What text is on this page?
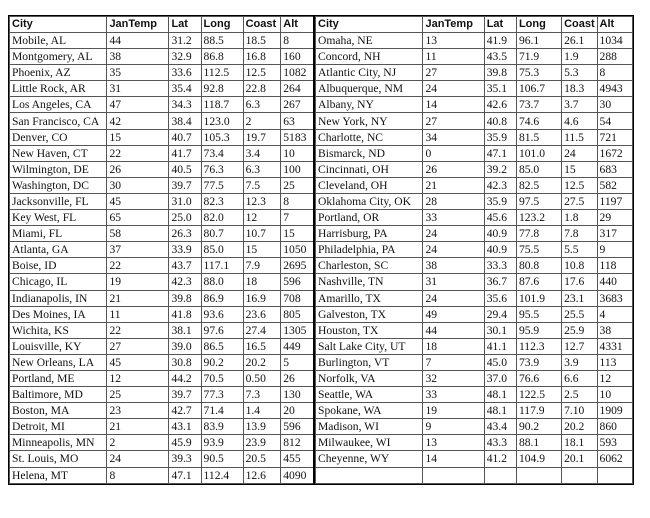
City	JanTemp	Lat	Long	Coast	Alt
Mobile, AL	44	31.2	88.5	18.5	8
Montgomery, AL	38	32.9	86.8	16.8	160
Phoenix, AZ	35	33.6	112.5	12.5	1082
Little Rock, AR	31	35.4	92.8	22.8	264
Los Angeles, CA	47	34.3	118.7	6.3	267
San Francisco, CA	42	38.4	123.0	2	63
Denver, CO	15	40.7	105.3	19.7	5183
New Haven, CT	22	41.7	73.4	3.4	10
Wilmington, DE	26	40.5	76.3	6.3	100
Washington, DC	30	39.7	77.5	7.5	25
Jacksonville, FL	45	31.0	82.3	12.3	8
Key West, FL	65	25.0	82.0	12	7
Miami, FL	58	26.3	80.7	10.7	15
Atlanta, GA	37	33.9	85.0	15	1050
Boise, ID	22	43.7	117.1	7.9	2695
Chicago, IL	19	42.3	88.0	18	596
Indianapolis, IN	21	39.8	86.9	16.9	708
Des Moines, IA	11	41.8	93.6	23.6	805
Wichita, KS	22	38.1	97.6	27.4	1305
Louisville, KY	27	39.0	86.5	16.5	449
New Orleans, LA	45	30.8	90.2	20.2	5
Portland, ME	12	44.2	70.5	0.50	26
Baltimore, MD	25	39.7	77.3	7.3	130
Boston, MA	23	42.7	71.4	1.4	20
Detroit, MI	21	43.1	83.9	13.9	596
Minneapolis, MN	2	45.9	93.9	23.9	812
St. Louis, MO	24	39.3	90.5	20.5	455
Helena, MT	8	47.1	112.4	12.6	4090
City	JanTemp	Lat	Long	Coast	Alt
Omaha, NE	13	41.9	96.1	26.1	1034
Concord, NH	11	43.5	71.9	1.9	288
Atlantic City, NJ	27	39.8	75.3	5.3	8
Albuquerque, NM	24	35.1	106.7	18.3	4943
Albany, NY	14	42.6	73.7	3.7	30
New York, NY	27	40.8	74.6	4.6	54
Charlotte, NC	34	35.9	81.5	11.5	721
Bismarck, ND	0	47.1	101.0	24	1672
Cincinnati, OH	26	39.2	85.0	15	683
Cleveland, OH	21	42.3	82.5	12.5	582
Oklahoma City, OK	28	35.9	97.5	27.5	1197
Portland, OR	33	45.6	123.2	1.8	29
Harrisburg, PA	24	40.9	77.8	7.8	317
Philadelphia, PA	24	40.9	75.5	5.5	9
Charleston, SC	38	33.3	80.8	10.8	118
Nashville, TN	31	36.7	87.6	17.6	440
Amarillo, TX	24	35.6	101.9	23.1	3683
Galveston, TX	49	29.4	95.5	25.5	4
Houston, TX	44	30.1	95.9	25.9	38
Salt Lake City, UT	18	41.1	112.3	12.7	4331
Burlington, VT	7	45.0	73.9	3.9	113
Norfolk, VA	32	37.0	76.6	6.6	12
Seattle, WA	33	48.1	122.5	2.5	10
Spokane, WA	19	48.1	117.9	7.10	1909
Madison, WI	9	43.4	90.2	20.2	860
Milwaukee, WI	13	43.3	88.1	18.1	593
Cheyenne, WY	14	41.2	104.9	20.1	6062
